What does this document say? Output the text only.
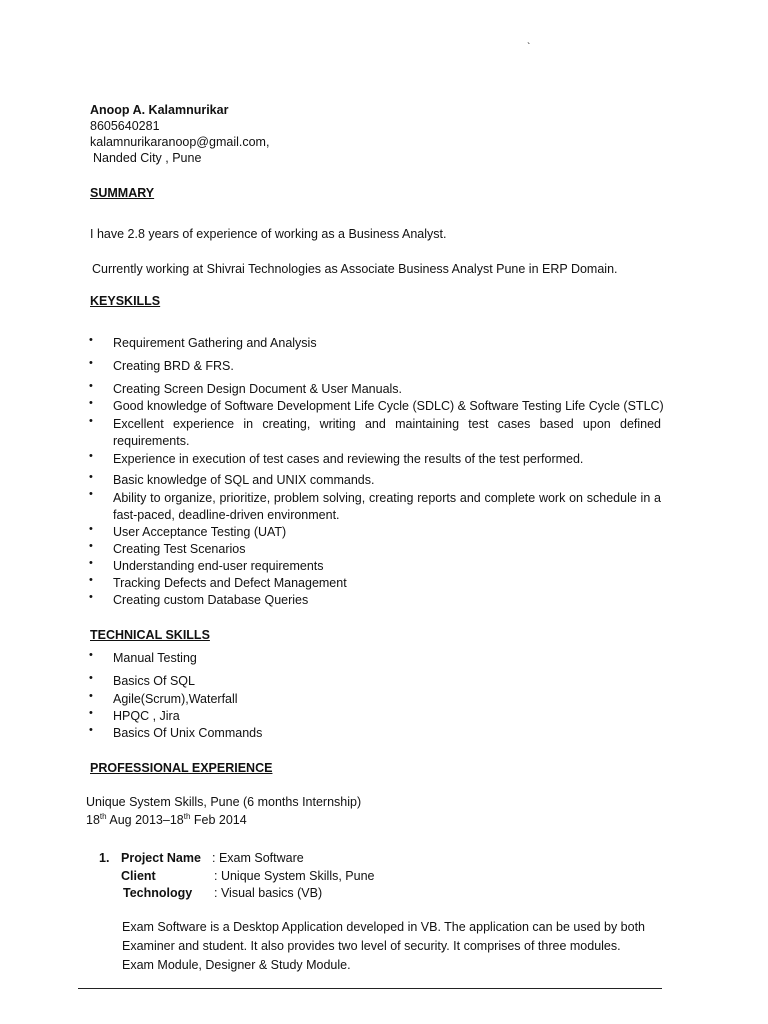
`
Anoop A. Kalamnurikar
8605640281
kalamnurikaranoop@gmail.com,
Nanded City , Pune
SUMMARY
I have 2.8 years of experience of working as a Business Analyst.
Currently working at Shivrai Technologies as Associate Business Analyst Pune in ERP Domain.
KEYSKILLS
• Requirement Gathering and Analysis
• Creating BRD & FRS.
• Creating Screen Design Document & User Manuals.
• Good knowledge of Software Development Life Cycle (SDLC) & Software Testing Life Cycle (STLC)
• Excellent experience in creating, writing and maintaining test cases based upon defined requirements.
• Experience in execution of test cases and reviewing the results of the test performed.
• Basic knowledge of SQL and UNIX commands.
• Ability to organize, prioritize, problem solving, creating reports and complete work on schedule in a fast-paced, deadline-driven environment.
• User Acceptance Testing (UAT)
• Creating Test Scenarios
• Understanding end-user requirements
• Tracking Defects and Defect Management
• Creating custom Database Queries
TECHNICAL SKILLS
• Manual Testing
• Basics Of SQL
• Agile(Scrum),Waterfall
• HPQC , Jira
• Basics Of Unix Commands
PROFESSIONAL EXPERIENCE
Unique System Skills, Pune (6 months Internship)
18th Aug 2013–18th Feb 2014
1. Project Name : Exam Software
Client	: Unique System Skills, Pune
Technology : Visual basics (VB)
Exam Software is a Desktop Application developed in VB. The application can be used by both Examiner and student. It also provides two level of security. It comprises of three modules. Exam Module, Designer & Study Module.
